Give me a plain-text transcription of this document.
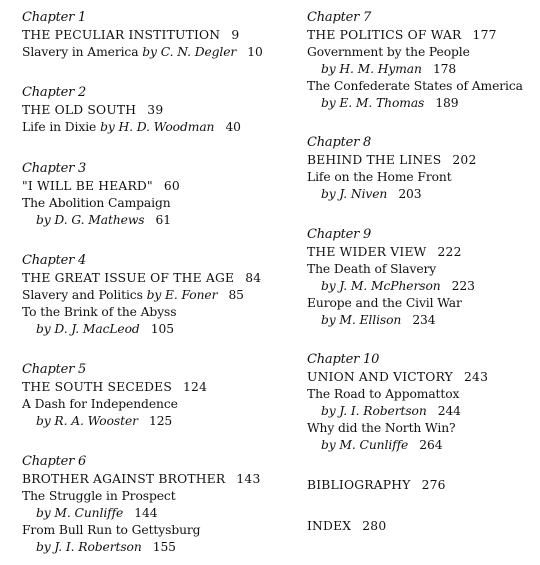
Chapter 1
THE PECULIAR INSTITUTION 9
Slavery in America by C. N. Degler 10
Chapter 2
THE OLD SOUTH 39
Life in Dixie by H. D. Woodman 40
Chapter 3
"I WILL BE HEARD" 60
The Abolition Campaign
by D. G. Mathews 61
Chapter 4
THE GREAT ISSUE OF THE AGE 84
Slavery and Politics by E. Foner 85
To the Brink of the Abyss
by D. J. MacLeod 105
Chapter 5
THE SOUTH SECEDES 124
A Dash for Independence
by R. A. Wooster 125
Chapter 6
BROTHER AGAINST BROTHER 143
The Struggle in Prospect
by M. Cunliffe 144
From Bull Run to Gettysburg
by J. I. Robertson 155
Chapter 7
THE POLITICS OF WAR 177
Government by the People
by H. M. Hyman 178
The Confederate States of America
by E. M. Thomas 189
Chapter 8
BEHIND THE LINES 202
Life on the Home Front
by J. Niven 203
Chapter 9
THE WIDER VIEW 222
The Death of Slavery
by J. M. McPherson 223
Europe and the Civil War
by M. Ellison 234
Chapter 10
UNION AND VICTORY 243
The Road to Appomattox
by J. I. Robertson 244
Why did the North Win?
by M. Cunliffe 264
BIBLIOGRAPHY 276
INDEX 280
